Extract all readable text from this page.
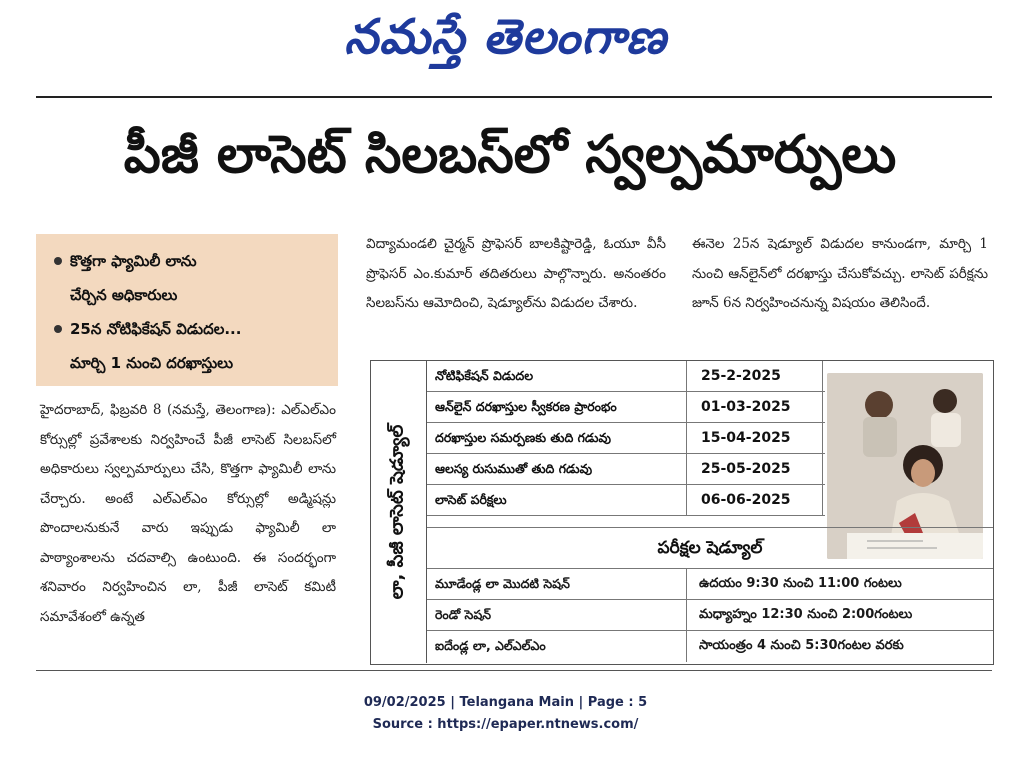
నమస్తే తెలంగాణ
పీజీ లాసెట్ సిలబస్‌లో స్వల్పమార్పులు
కొత్తగా ఫ్యామిలీ లాను
చేర్చిన అధికారులు
25న నోటిఫికేషన్ విడుదల...
మార్చి 1 నుంచి దరఖాస్తులు

హైదరాబాద్, ఫిబ్రవరి 8 (నమస్తే, తెలంగాణ): ఎల్‌ఎల్‌ఎం కోర్సుల్లో ప్రవేశాలకు నిర్వహించే పీజీ లాసెట్ సిలబస్‌లో అధికారులు స్వల్పమార్పులు చేసి, కొత్తగా ఫ్యామిలీ లాను చేర్చారు. అంటే ఎల్‌ఎల్‌ఎం కోర్సుల్లో అడ్మిషన్లు పొందాలనుకునే వారు ఇప్పుడు ఫ్యామిలీ లా పాఠ్యాంశాలను చదవాల్సి ఉంటుంది. ఈ సందర్భంగా శనివారం నిర్వహించిన లా, పీజీ లాసెట్ కమిటీ సమావేశంలో ఉన్నత

విద్యామండలి చైర్మన్ ప్రొఫెసర్ బాలకిష్టారెడ్డి, ఓయూ వీసీ ప్రొఫెసర్ ఎం.కుమార్ తదితరులు పాల్గొన్నారు. అనంతరం సిలబస్‌ను ఆమోదించి, షెడ్యూల్‌ను విడుదల చేశారు.

ఈనెల 25న షెడ్యూల్ విడుదల కానుండగా, మార్చి 1 నుంచి ఆన్‌లైన్‌లో దరఖాస్తు చేసుకోవచ్చు. లాసెట్ పరీక్షను జూన్ 6న నిర్వహించనున్న విషయం తెలిసిందే.

లా, పీజీ లాసెట్ షెడ్యూల్
నోటిఫికేషన్ విడుదల	25-2-2025
ఆన్‌లైన్ దరఖాస్తుల స్వీకరణ ప్రారంభం	01-03-2025
దరఖాస్తుల సమర్పణకు తుది గడువు	15-04-2025
ఆలస్య రుసుముతో తుది గడువు	25-05-2025
లాసెట్ పరీక్షలు	06-06-2025
పరీక్షల షెడ్యూల్
మూడేండ్ల లా మొదటి సెషన్	ఉదయం 9:30 నుంచి 11:00 గంటలు
రెండో సెషన్	మధ్యాహ్నం 12:30 నుంచి 2:00గంటలు
ఐదేండ్ల లా, ఎల్‌ఎల్‌ఎం	సాయంత్రం 4 నుంచి 5:30గంటల వరకు
09/02/2025 | Telangana Main | Page : 5
Source : https://epaper.ntnews.com/
